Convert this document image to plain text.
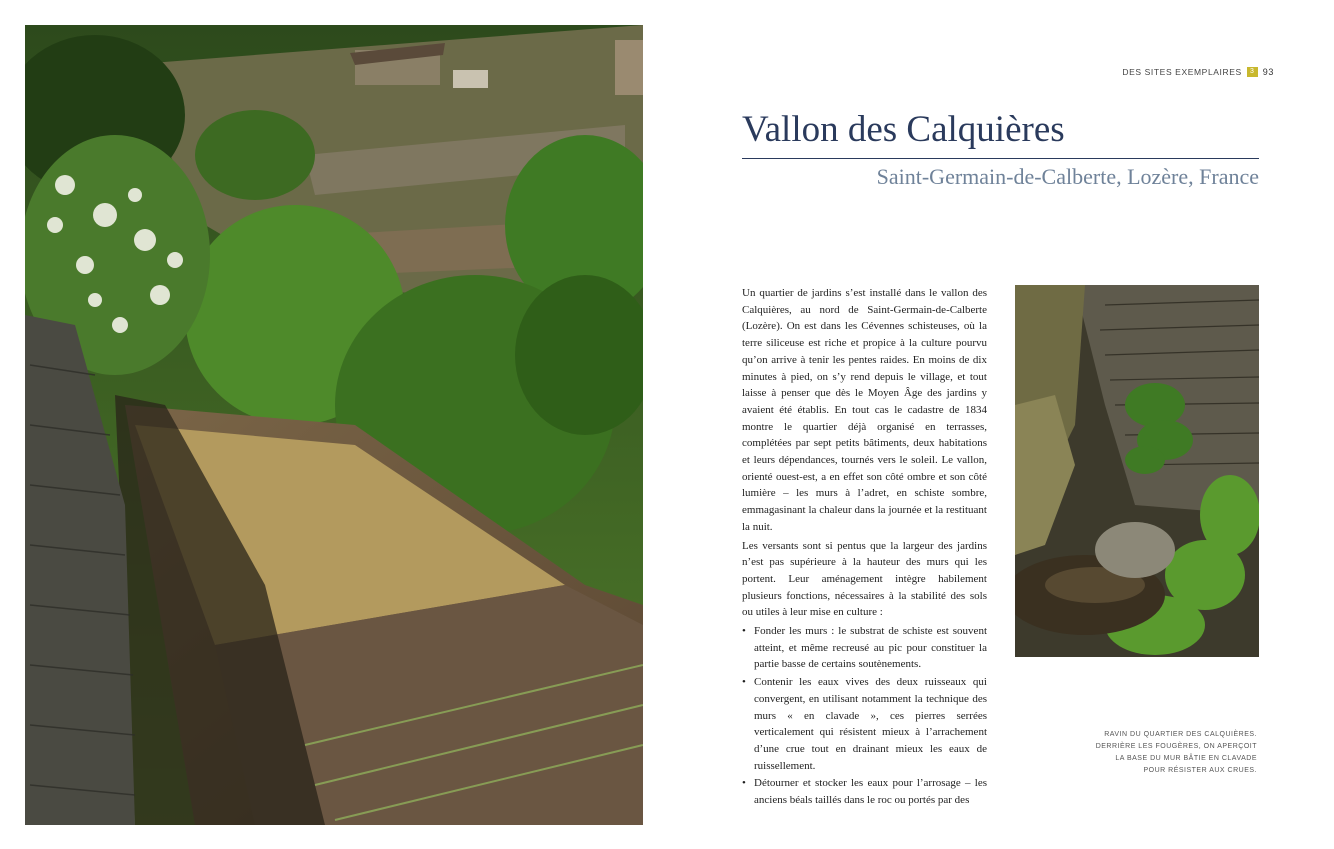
DES SITES EXEMPLAIRES	3 93
Vallon des Calquières
Saint-Germain-de-Calberte, Lozère, France

Un quartier de jardins s’est installé dans le vallon des Calquières, au nord de Saint-Germain-de-Calberte (Lozère). On est dans les Cévennes schisteuses, où la terre siliceuse est riche et propice à la culture pourvu qu’on arrive à tenir les pentes raides. En moins de dix minutes à pied, on s’y rend depuis le village, et tout laisse à penser que dès le Moyen Âge des jardins y avaient été établis. En tout cas le cadastre de 1834 montre le quartier déjà organisé en terrasses, complétées par sept petits bâtiments, deux habitations et leurs dépendances, tournés vers le soleil. Le vallon, orienté ouest-est, a en effet son côté ombre et son côté lumière – les murs à l’adret, en schiste sombre, emmagasinant la chaleur dans la journée et la restituant la nuit.

Les versants sont si pentus que la largeur des jardins n’est pas supérieure à la hauteur des murs qui les portent. Leur aménagement intègre habilement plusieurs fonctions, nécessaires à la stabilité des sols ou utiles à leur mise en culture :

• Fonder les murs : le substrat de schiste est souvent atteint, et même recreusé au pic pour constituer la partie basse de certains soutènements.
• Contenir les eaux vives des deux ruisseaux qui convergent, en utilisant notamment la technique des murs « en clavade », ces pierres serrées verticalement qui résistent mieux à l’arrachement d’une crue tout en drainant mieux les eaux de ruissellement.
• Détourner et stocker les eaux pour l’arrosage – les anciens béals taillés dans le roc ou portés par des
RAVIN DU QUARTIER DES CALQUIÈRES.
DERRIÈRE LES FOUGÈRES, ON APERÇOIT
LA BASE DU MUR BÂTIE EN CLAVADE
POUR RÉSISTER AUX CRUES.
